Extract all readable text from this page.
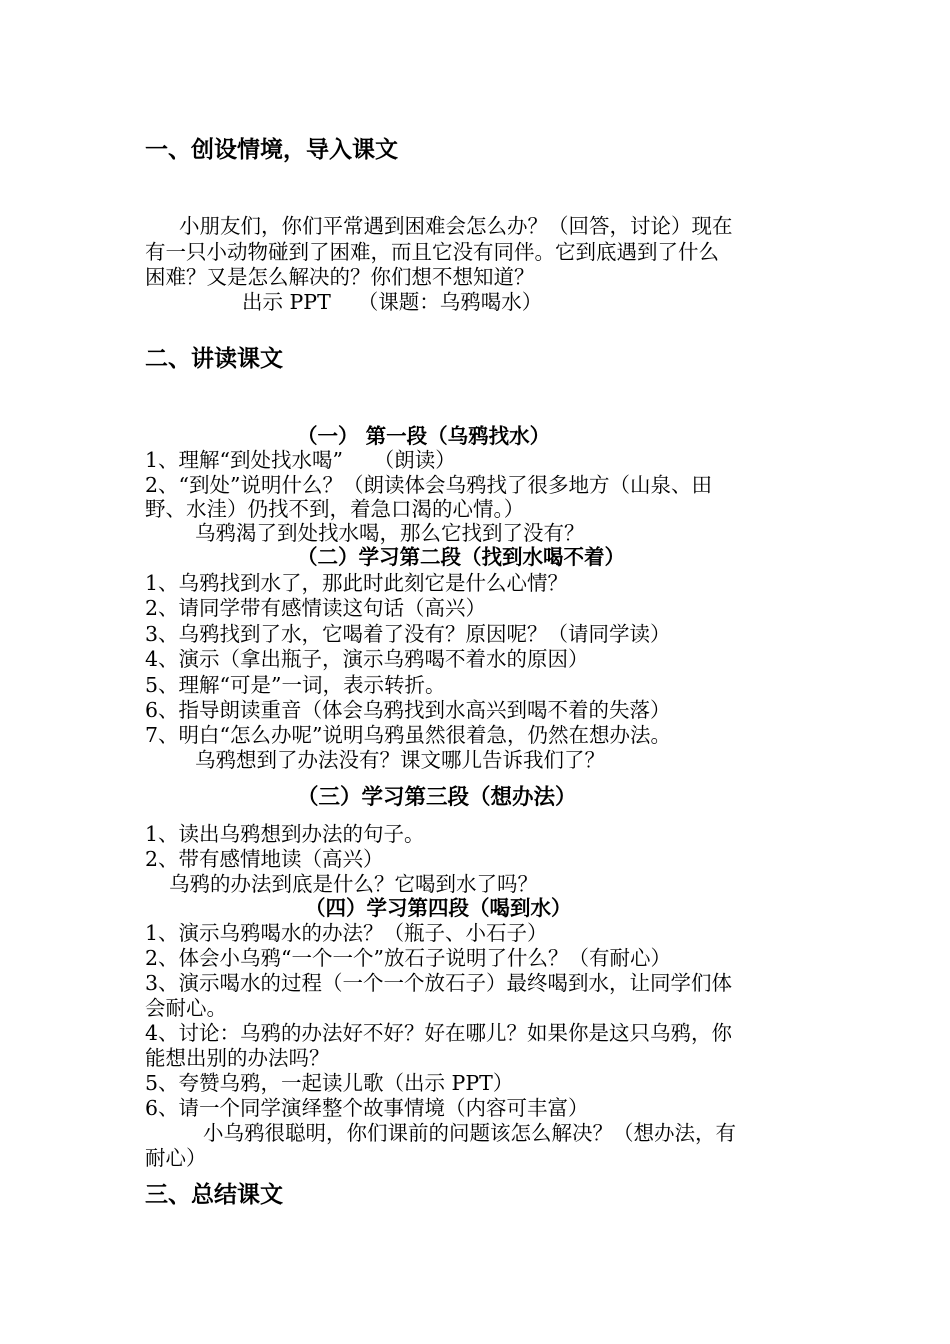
一、创设情境，导入课文
小朋友们，你们平常遇到困难会怎么办？（回答，讨论）现在
有一只小动物碰到了困难，而且它没有同伴。它到底遇到了什么
困难？又是怎么解决的？你们想不想知道？
出示 PPT　 （课题：乌鸦喝水）
二、讲读课文
（一） 第一段（乌鸦找水）
1、理解“到处找水喝”　　（朗读）
2、“到处”说明什么？（朗读体会乌鸦找了很多地方（山泉、田
野、水洼）仍找不到，着急口渴的心情。）
乌鸦渴了到处找水喝，那么它找到了没有？
（二）学习第二段（找到水喝不着）
1、乌鸦找到水了，那此时此刻它是什么心情？
2、请同学带有感情读这句话（高兴）
3、乌鸦找到了水，它喝着了没有？原因呢？（请同学读）
4、演示（拿出瓶子，演示乌鸦喝不着水的原因）
5、理解“可是”一词，表示转折。
6、指导朗读重音（体会乌鸦找到水高兴到喝不着的失落）
7、明白“怎么办呢”说明乌鸦虽然很着急，仍然在想办法。
乌鸦想到了办法没有？课文哪儿告诉我们了？
（三）学习第三段（想办法）
1、读出乌鸦想到办法的句子。
2、带有感情地读（高兴）
乌鸦的办法到底是什么？它喝到水了吗？
（四）学习第四段（喝到水）
1、演示乌鸦喝水的办法？（瓶子、小石子）
2、体会小乌鸦“一个一个”放石子说明了什么？（有耐心）
3、演示喝水的过程（一个一个放石子）最终喝到水，让同学们体
会耐心。
4、讨论：乌鸦的办法好不好？好在哪儿？如果你是这只乌鸦，你
能想出别的办法吗？
5、夸赞乌鸦，一起读儿歌（出示 PPT）
6、请一个同学演绎整个故事情境（内容可丰富）
小乌鸦很聪明，你们课前的问题该怎么解决？（想办法，有
耐心）
三、总结课文
